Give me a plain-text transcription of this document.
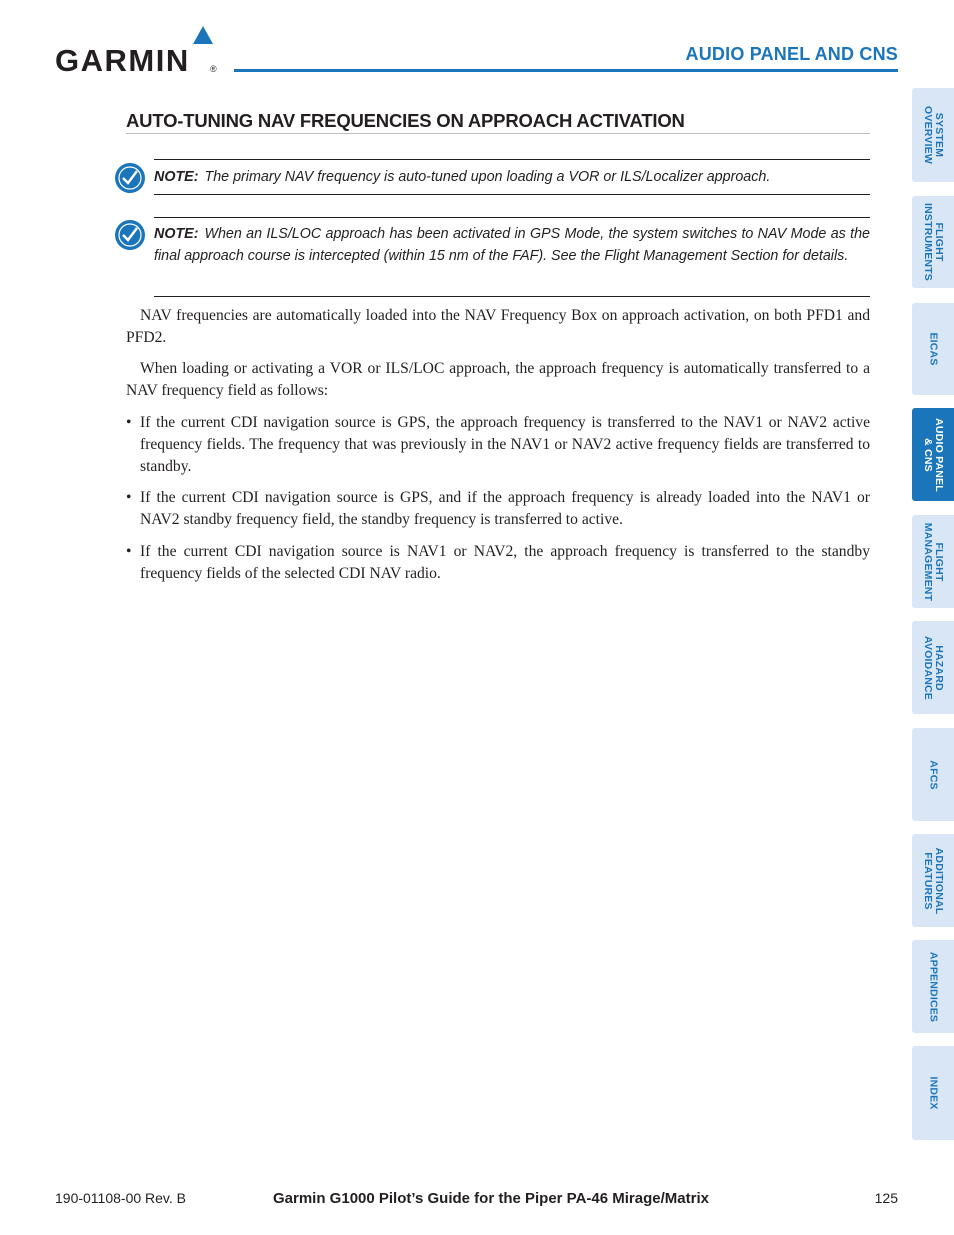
GARMIN ®
AUDIO PANEL AND CNS
AUTO-TUNING NAV FREQUENCIES ON APPROACH ACTIVATION
NOTE: The primary NAV frequency is auto-tuned upon loading a VOR or ILS/Localizer approach.
NOTE: When an ILS/LOC approach has been activated in GPS Mode, the system switches to NAV Mode as the final approach course is intercepted (within 15 nm of the FAF). See the Flight Management Section for details.
NAV frequencies are automatically loaded into the NAV Frequency Box on approach activation, on both PFD1 and PFD2.
When loading or activating a VOR or ILS/LOC approach, the approach frequency is automatically transferred to a NAV frequency field as follows:
• If the current CDI navigation source is GPS, the approach frequency is transferred to the NAV1 or NAV2 active frequency fields. The frequency that was previously in the NAV1 or NAV2 active frequency fields are transferred to standby.
• If the current CDI navigation source is GPS, and if the approach frequency is already loaded into the NAV1 or NAV2 standby frequency field, the standby frequency is transferred to active.
• If the current CDI navigation source is NAV1 or NAV2, the approach frequency is transferred to the standby frequency fields of the selected CDI NAV radio.
SYSTEM
OVERVIEW
FLIGHT
INSTRUMENTS
EICAS
AUDIO PANEL
& CNS
FLIGHT
MANAGEMENT
HAZARD
AVOIDANCE
AFCS
ADDITIONAL
FEATURES
APPENDICES
INDEX
190-01108-00 Rev. B	Garmin G1000 Pilot’s Guide for the Piper PA-46 Mirage/Matrix	125
